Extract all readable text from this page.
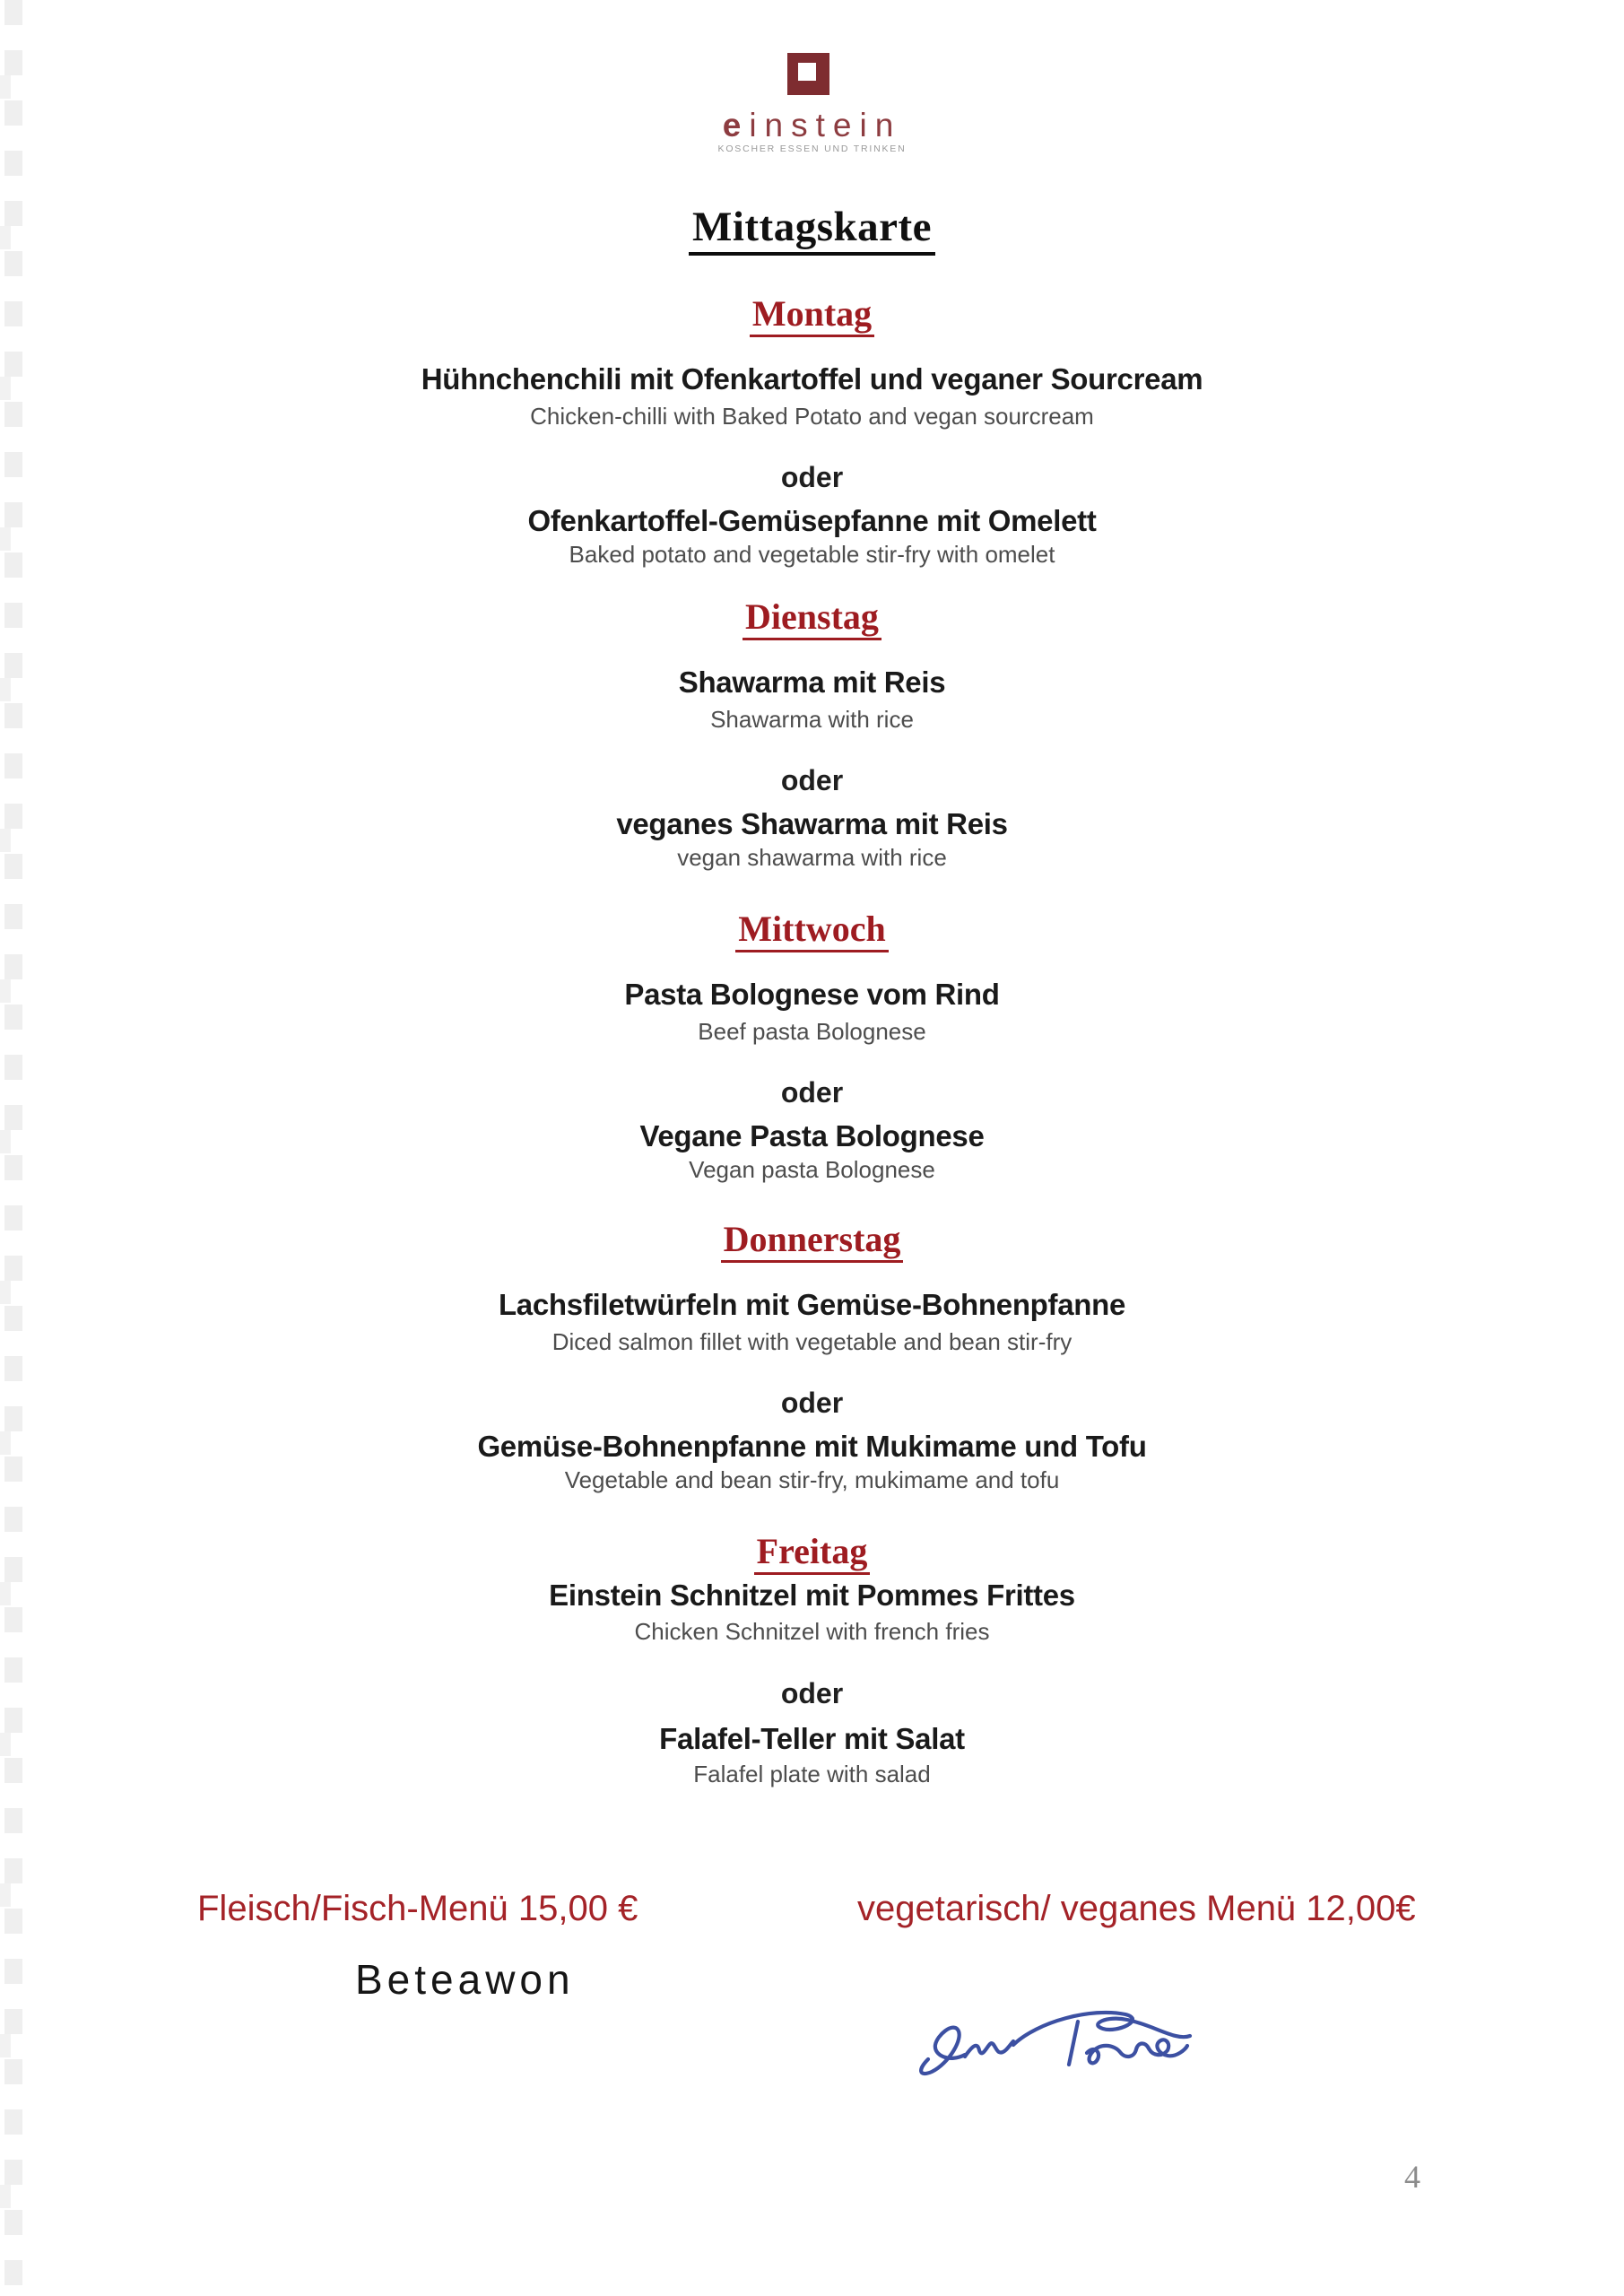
einstein
KOSCHER ESSEN UND TRINKEN
Mittagskarte
Montag
Hühnchenchili mit Ofenkartoffel und veganer Sourcream
Chicken-chilli with Baked Potato and vegan sourcream
oder
Ofenkartoffel-Gemüsepfanne mit Omelett
Baked potato and vegetable stir-fry with omelet
Dienstag
Shawarma mit Reis
Shawarma with rice
oder
veganes Shawarma mit Reis
vegan shawarma with rice
Mittwoch
Pasta Bolognese vom Rind
Beef pasta Bolognese
oder
Vegane Pasta Bolognese
Vegan pasta Bolognese
Donnerstag
Lachsfiletwürfeln mit Gemüse-Bohnenpfanne
Diced salmon fillet with vegetable and bean stir-fry
oder
Gemüse-Bohnenpfanne mit Mukimame und Tofu
Vegetable and bean stir-fry, mukimame and tofu
Freitag
Einstein Schnitzel mit Pommes Frittes
Chicken Schnitzel with french fries
oder
Falafel-Teller mit Salat
Falafel plate with salad
Fleisch/Fisch-Menü 15,00 €	vegetarisch/ veganes Menü 12,00€
Beteawon
4
